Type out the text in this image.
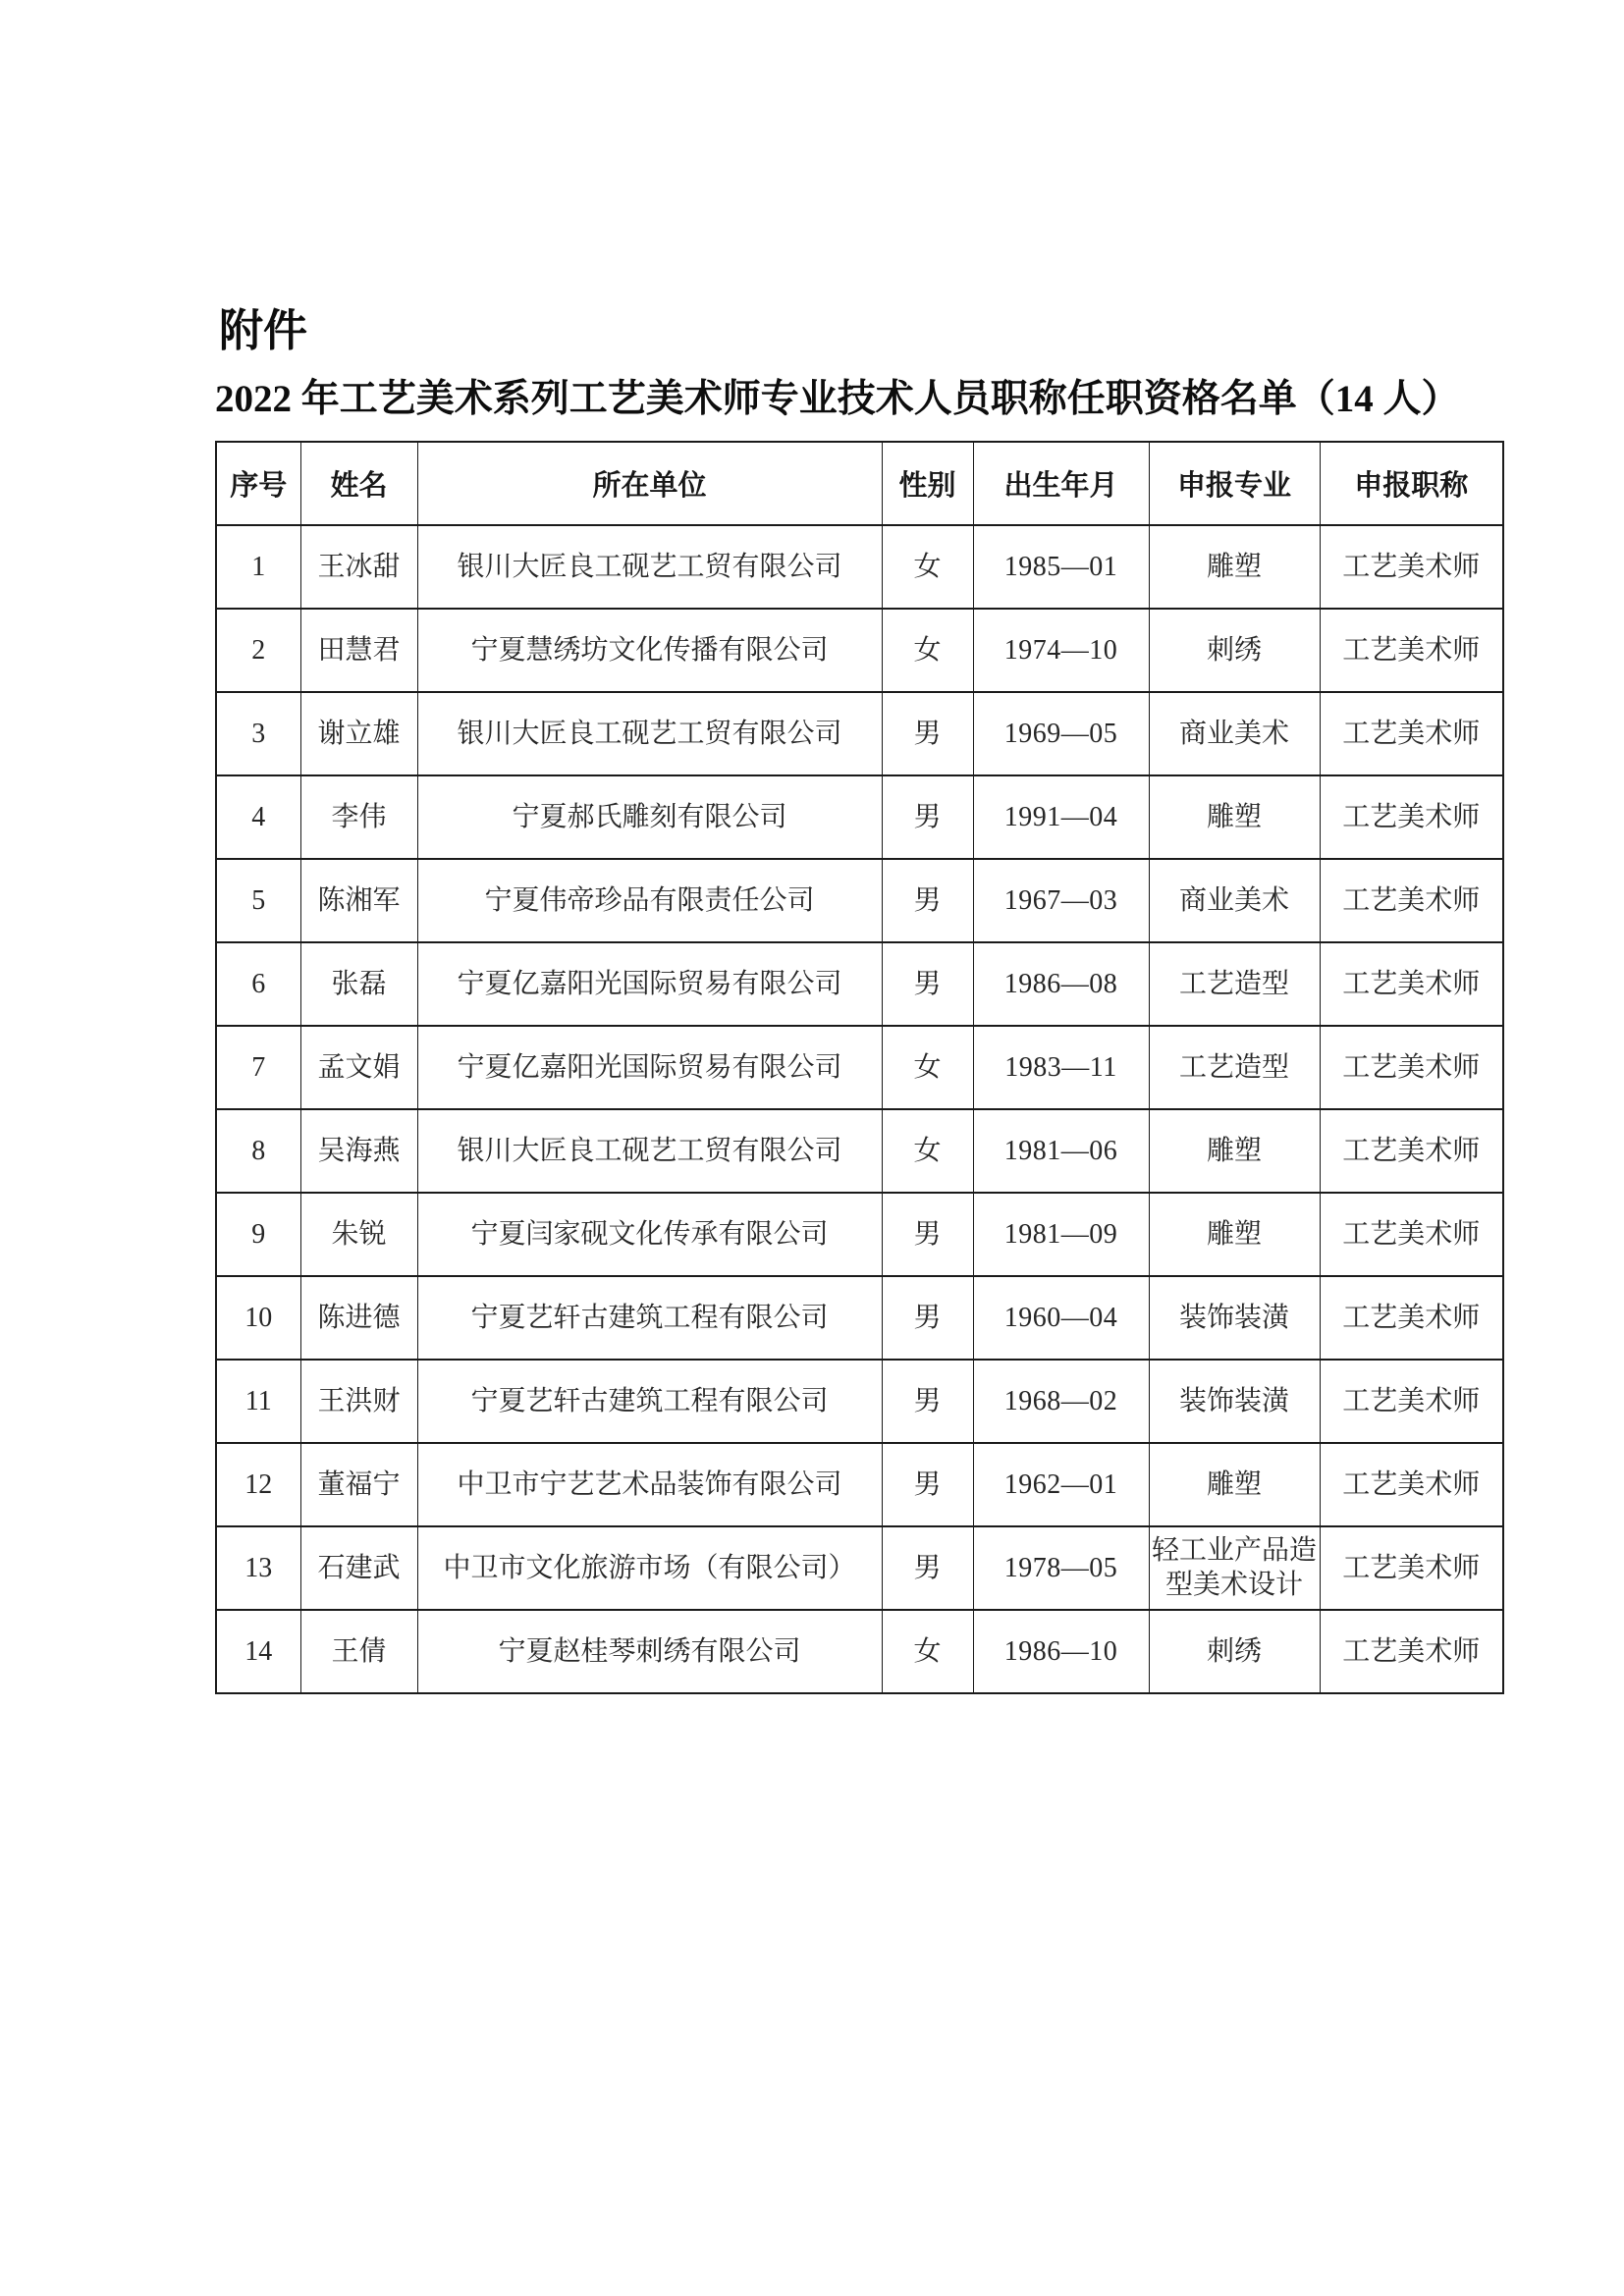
附件
2022 年工艺美术系列工艺美术师专业技术人员职称任职资格名单（14 人）
序号	姓名	所在单位	性别	出生年月	申报专业	申报职称
1	王冰甜	银川大匠良工砚艺工贸有限公司	女	1985—01	雕塑	工艺美术师
2	田慧君	宁夏慧绣坊文化传播有限公司	女	1974—10	刺绣	工艺美术师
3	谢立雄	银川大匠良工砚艺工贸有限公司	男	1969—05	商业美术	工艺美术师
4	李伟	宁夏郝氏雕刻有限公司	男	1991—04	雕塑	工艺美术师
5	陈湘军	宁夏伟帝珍品有限责任公司	男	1967—03	商业美术	工艺美术师
6	张磊	宁夏亿嘉阳光国际贸易有限公司	男	1986—08	工艺造型	工艺美术师
7	孟文娟	宁夏亿嘉阳光国际贸易有限公司	女	1983—11	工艺造型	工艺美术师
8	吴海燕	银川大匠良工砚艺工贸有限公司	女	1981—06	雕塑	工艺美术师
9	朱锐	宁夏闫家砚文化传承有限公司	男	1981—09	雕塑	工艺美术师
10	陈进德	宁夏艺轩古建筑工程有限公司	男	1960—04	装饰装潢	工艺美术师
11	王洪财	宁夏艺轩古建筑工程有限公司	男	1968—02	装饰装潢	工艺美术师
12	董福宁	中卫市宁艺艺术品装饰有限公司	男	1962—01	雕塑	工艺美术师
13	石建武	中卫市文化旅游市场（有限公司）	男	1978—05	轻工业产品造型美术设计	工艺美术师
14	王倩	宁夏赵桂琴刺绣有限公司	女	1986—10	刺绣	工艺美术师
